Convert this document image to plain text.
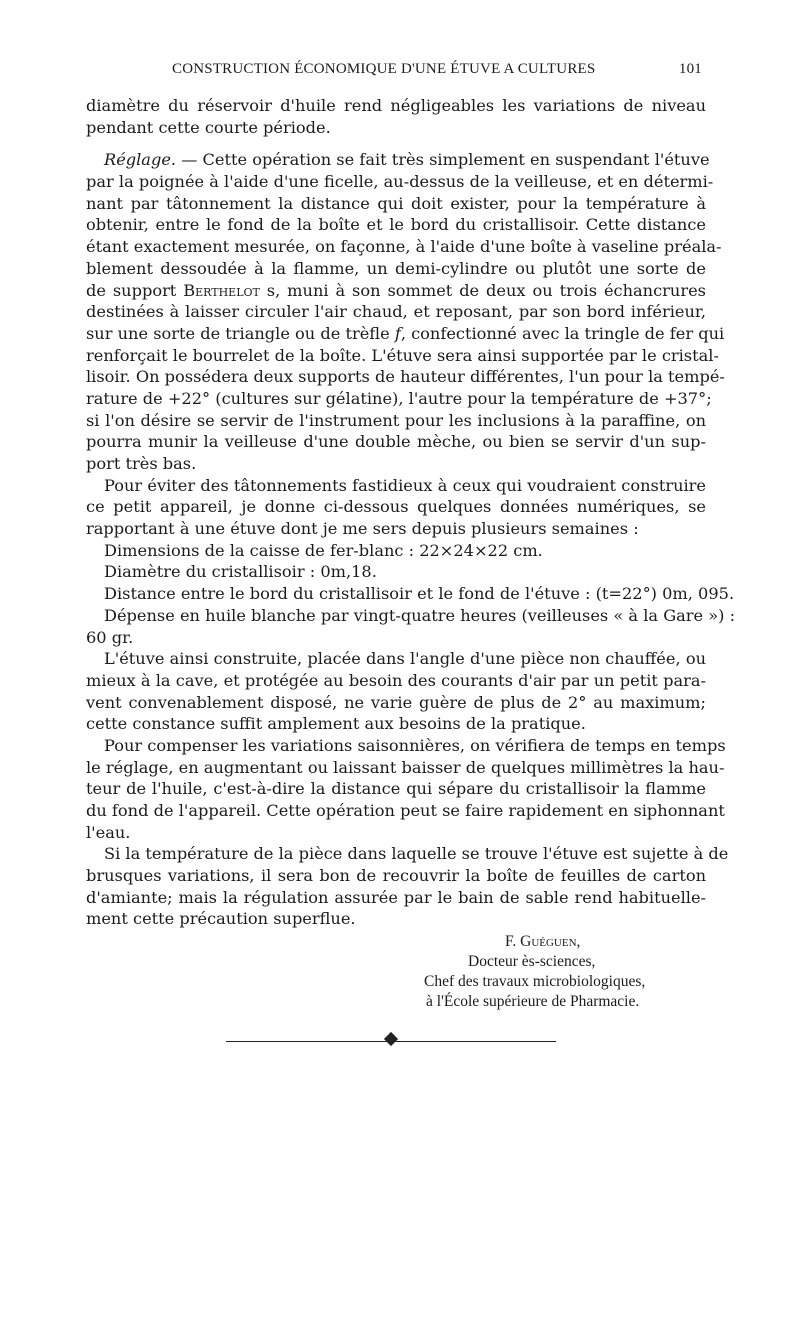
CONSTRUCTION ÉCONOMIQUE D'UNE ÉTUVE A CULTURES	101
diamètre du réservoir d'huile rend négligeables les variations de niveau
pendant cette courte période.
Réglage. — Cette opération se fait très simplement en suspendant l'étuve
par la poignée à l'aide d'une ficelle, au-dessus de la veilleuse, et en détermi-
nant par tâtonnement la distance qui doit exister, pour la température à
obtenir, entre le fond de la boîte et le bord du cristallisoir. Cette distance
étant exactement mesurée, on façonne, à l'aide d'une boîte à vaseline préala-
blement dessoudée à la flamme, un demi-cylindre ou plutôt une sorte de
de support Berthelot s, muni à son sommet de deux ou trois échancrures
destinées à laisser circuler l'air chaud, et reposant, par son bord inférieur,
sur une sorte de triangle ou de trèfle f, confectionné avec la tringle de fer qui
renforçait le bourrelet de la boîte. L'étuve sera ainsi supportée par le cristal-
lisoir. On possédera deux supports de hauteur différentes, l'un pour la tempé-
rature de +22° (cultures sur gélatine), l'autre pour la température de +37°;
si l'on désire se servir de l'instrument pour les inclusions à la paraffine, on
pourra munir la veilleuse d'une double mèche, ou bien se servir d'un sup-
port très bas.
Pour éviter des tâtonnements fastidieux à ceux qui voudraient construire
ce petit appareil, je donne ci-dessous quelques données numériques, se
rapportant à une étuve dont je me sers depuis plusieurs semaines :
Dimensions de la caisse de fer-blanc : 22×24×22 cm.
Diamètre du cristallisoir : 0m,18.
Distance entre le bord du cristallisoir et le fond de l'étuve : (t=22°) 0m, 095.
Dépense en huile blanche par vingt-quatre heures (veilleuses « à la Gare ») :
60 gr.
L'étuve ainsi construite, placée dans l'angle d'une pièce non chauffée, ou
mieux à la cave, et protégée au besoin des courants d'air par un petit para-
vent convenablement disposé, ne varie guère de plus de 2° au maximum;
cette constance suffit amplement aux besoins de la pratique.
Pour compenser les variations saisonnières, on vérifiera de temps en temps
le réglage, en augmentant ou laissant baisser de quelques millimètres la hau-
teur de l'huile, c'est-à-dire la distance qui sépare du cristallisoir la flamme
du fond de l'appareil. Cette opération peut se faire rapidement en siphonnant
l'eau.
Si la température de la pièce dans laquelle se trouve l'étuve est sujette à de
brusques variations, il sera bon de recouvrir la boîte de feuilles de carton
d'amiante; mais la régulation assurée par le bain de sable rend habituelle-
ment cette précaution superflue.
F. Guéguen,
Docteur ès-sciences,
Chef des travaux microbiologiques,
à l'École supérieure de Pharmacie.
